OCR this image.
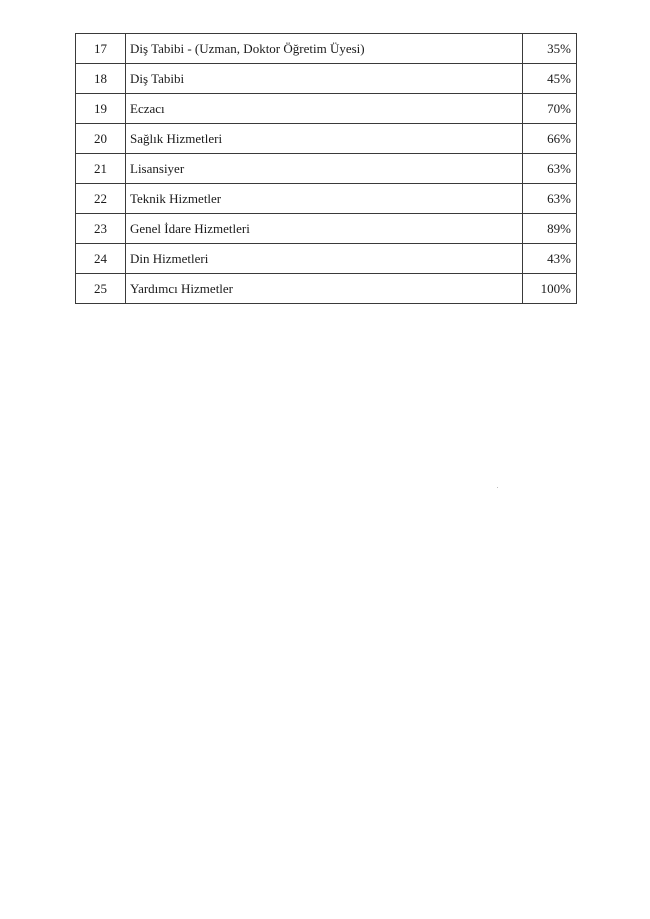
17	Diş Tabibi - (Uzman, Doktor Öğretim Üyesi)	35%
18	Diş Tabibi	45%
19	Eczacı	70%
20	Sağlık Hizmetleri	66%
21	Lisansiyer	63%
22	Teknik Hizmetler	63%
23	Genel İdare Hizmetleri	89%
24	Din Hizmetleri	43%
25	Yardımcı Hizmetler	100%
